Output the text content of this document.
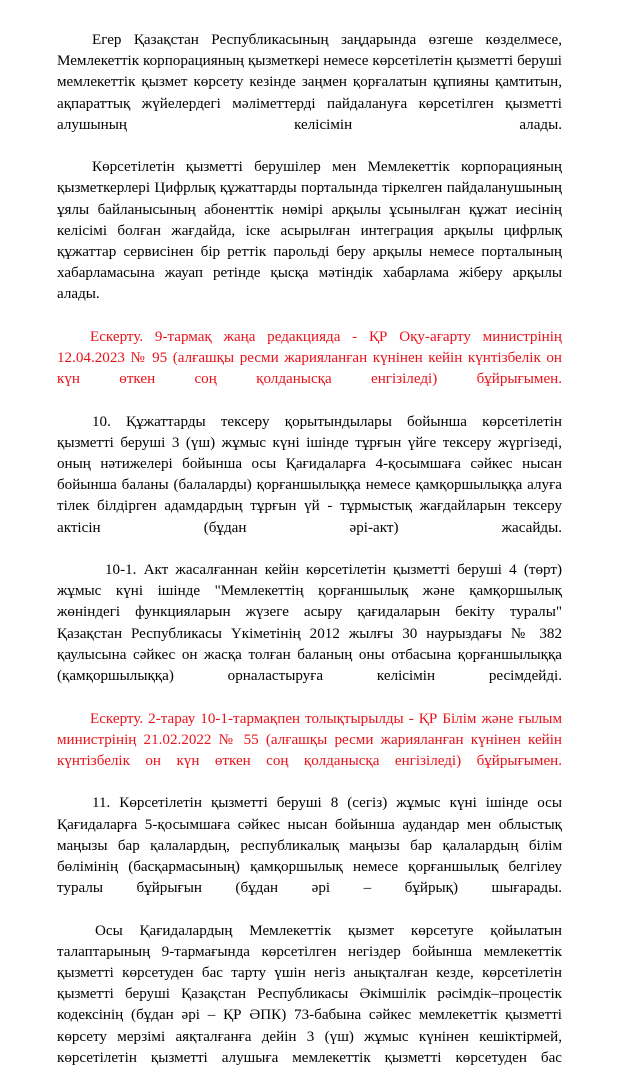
Егер Қазақстан Республикасының заңдарында өзгеше көзделмесе, Мемлекеттік корпорацияның қызметкері немесе көрсетілетін қызметті беруші мемлекеттік қызмет көрсету кезінде заңмен қорғалатын құпияны қамтитын, ақпараттық жүйелердегі мәліметтерді пайдалануға көрсетілген қызметті алушының келісімін алады.

Көрсетілетін қызметті берушілер мен Мемлекеттік корпорацияның қызметкерлері Цифрлық құжаттарды порталында тіркелген пайдаланушының ұялы байланысының абоненттік нөмірі арқылы ұсынылған құжат иесінің келісімі болған жағдайда, іске асырылған интеграция арқылы цифрлық құжаттар сервисінен бір реттік парольді беру арқылы немесе порталының хабарламасына жауап ретінде қысқа мәтіндік хабарлама жіберу арқылы алады.

Ескерту. 9-тармақ жаңа редакцияда - ҚР Оқу-ағарту министрінің 12.04.2023 № 95 (алғашқы ресми жарияланған күнінен кейін күнтізбелік он күн өткен соң қолданысқа енгізіледі) бұйрығымен.

10. Құжаттарды тексеру қорытындылары бойынша көрсетілетін қызметті беруші 3 (үш) жұмыс күні ішінде тұрғын үйге тексеру жүргізеді, оның нәтижелері бойынша осы Қағидаларға 4-қосымшаға сәйкес нысан бойынша баланы (балаларды) қорғаншылыққа немесе қамқоршылыққа алуға тілек білдірген адамдардың тұрғын үй - тұрмыстық жағдайларын тексеру актісін (бұдан әрі-акт) жасайды.

10-1. Акт жасалғаннан кейін көрсетілетін қызметті беруші 4 (төрт) жұмыс күні ішінде "Мемлекеттің қорғаншылық және қамқоршылық жөніндегі функцияларын жүзеге асыру қағидаларын бекіту туралы" Қазақстан Республикасы Үкіметінің 2012 жылғы 30 наурыздағы № 382 қаулысына сәйкес он жасқа толған баланың оны отбасына қорғаншылыққа (қамқоршылыққа) орналастыруға келісімін ресімдейді.

Ескерту. 2-тарау 10-1-тармақпен толықтырылды - ҚР Білім және ғылым министрінің 21.02.2022 № 55 (алғашқы ресми жарияланған күнінен кейін күнтізбелік он күн өткен соң қолданысқа енгізіледі) бұйрығымен.

11. Көрсетілетін қызметті беруші 8 (сегіз) жұмыс күні ішінде осы Қағидаларға 5-қосымшаға сәйкес нысан бойынша аудандар мен облыстық маңызы бар қалалардың, республикалық маңызы бар қалалардың білім бөлімінің (басқармасының) қамқоршылық немесе қорғаншылық белгілеу туралы бұйрығын (бұдан әрі – бұйрық) шығарады.

Осы Қағидалардың Мемлекеттік қызмет көрсетуге қойылатын талаптарының 9-тармағында көрсетілген негіздер бойынша мемлекеттік қызметті көрсетуден бас тарту үшін негіз анықталған кезде, көрсетілетін қызметті беруші Қазақстан Республикасы Әкімшілік рәсімдік–процестік кодексінің (бұдан әрі – ҚР ӘПК) 73-бабына сәйкес мемлекеттік қызметті көрсету мерзімі аяқталғанға дейін 3 (үш) жұмыс күнінен кешіктірмей, көрсетілетін қызметті алушыға мемлекеттік қызметті көрсетуден бас
